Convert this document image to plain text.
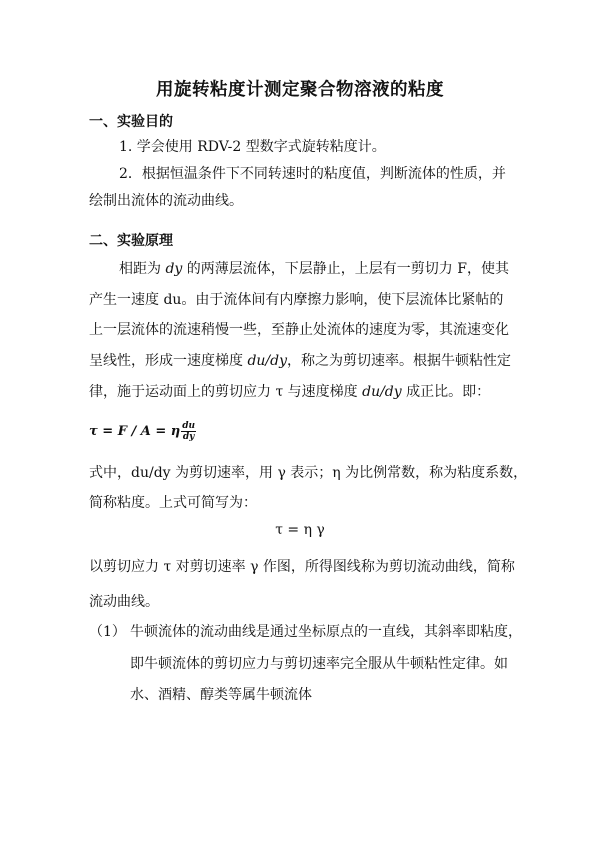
用旋转粘度计测定聚合物溶液的粘度
一、实验目的
1. 学会使用 RDV-2 型数字式旋转粘度计。
2．根据恒温条件下不同转速时的粘度值，判断流体的性质，并
绘制出流体的流动曲线。
二、实验原理
相距为 dy 的两薄层流体，下层静止，上层有一剪切力 F，使其
产生一速度 du。由于流体间有内摩擦力影响，使下层流体比紧帖的
上一层流体的流速稍慢一些，至静止处流体的速度为零，其流速变化
呈线性，形成一速度梯度 du/dy，称之为剪切速率。根据牛顿粘性定
律，施于运动面上的剪切应力 τ 与速度梯度 du/dy 成正比。即：
τ = F / A = η $\frac{du}{dy}$
式中，du/dy 为剪切速率，用 γ 表示；η 为比例常数，称为粘度系数，
简称粘度。上式可简写为：
τ = η γ
以剪切应力 τ 对剪切速率 γ 作图，所得图线称为剪切流动曲线，简称
流动曲线。
（1） 牛顿流体的流动曲线是通过坐标原点的一直线，其斜率即粘度，
即牛顿流体的剪切应力与剪切速率完全服从牛顿粘性定律。如
水、酒精、醇类等属牛顿流体
